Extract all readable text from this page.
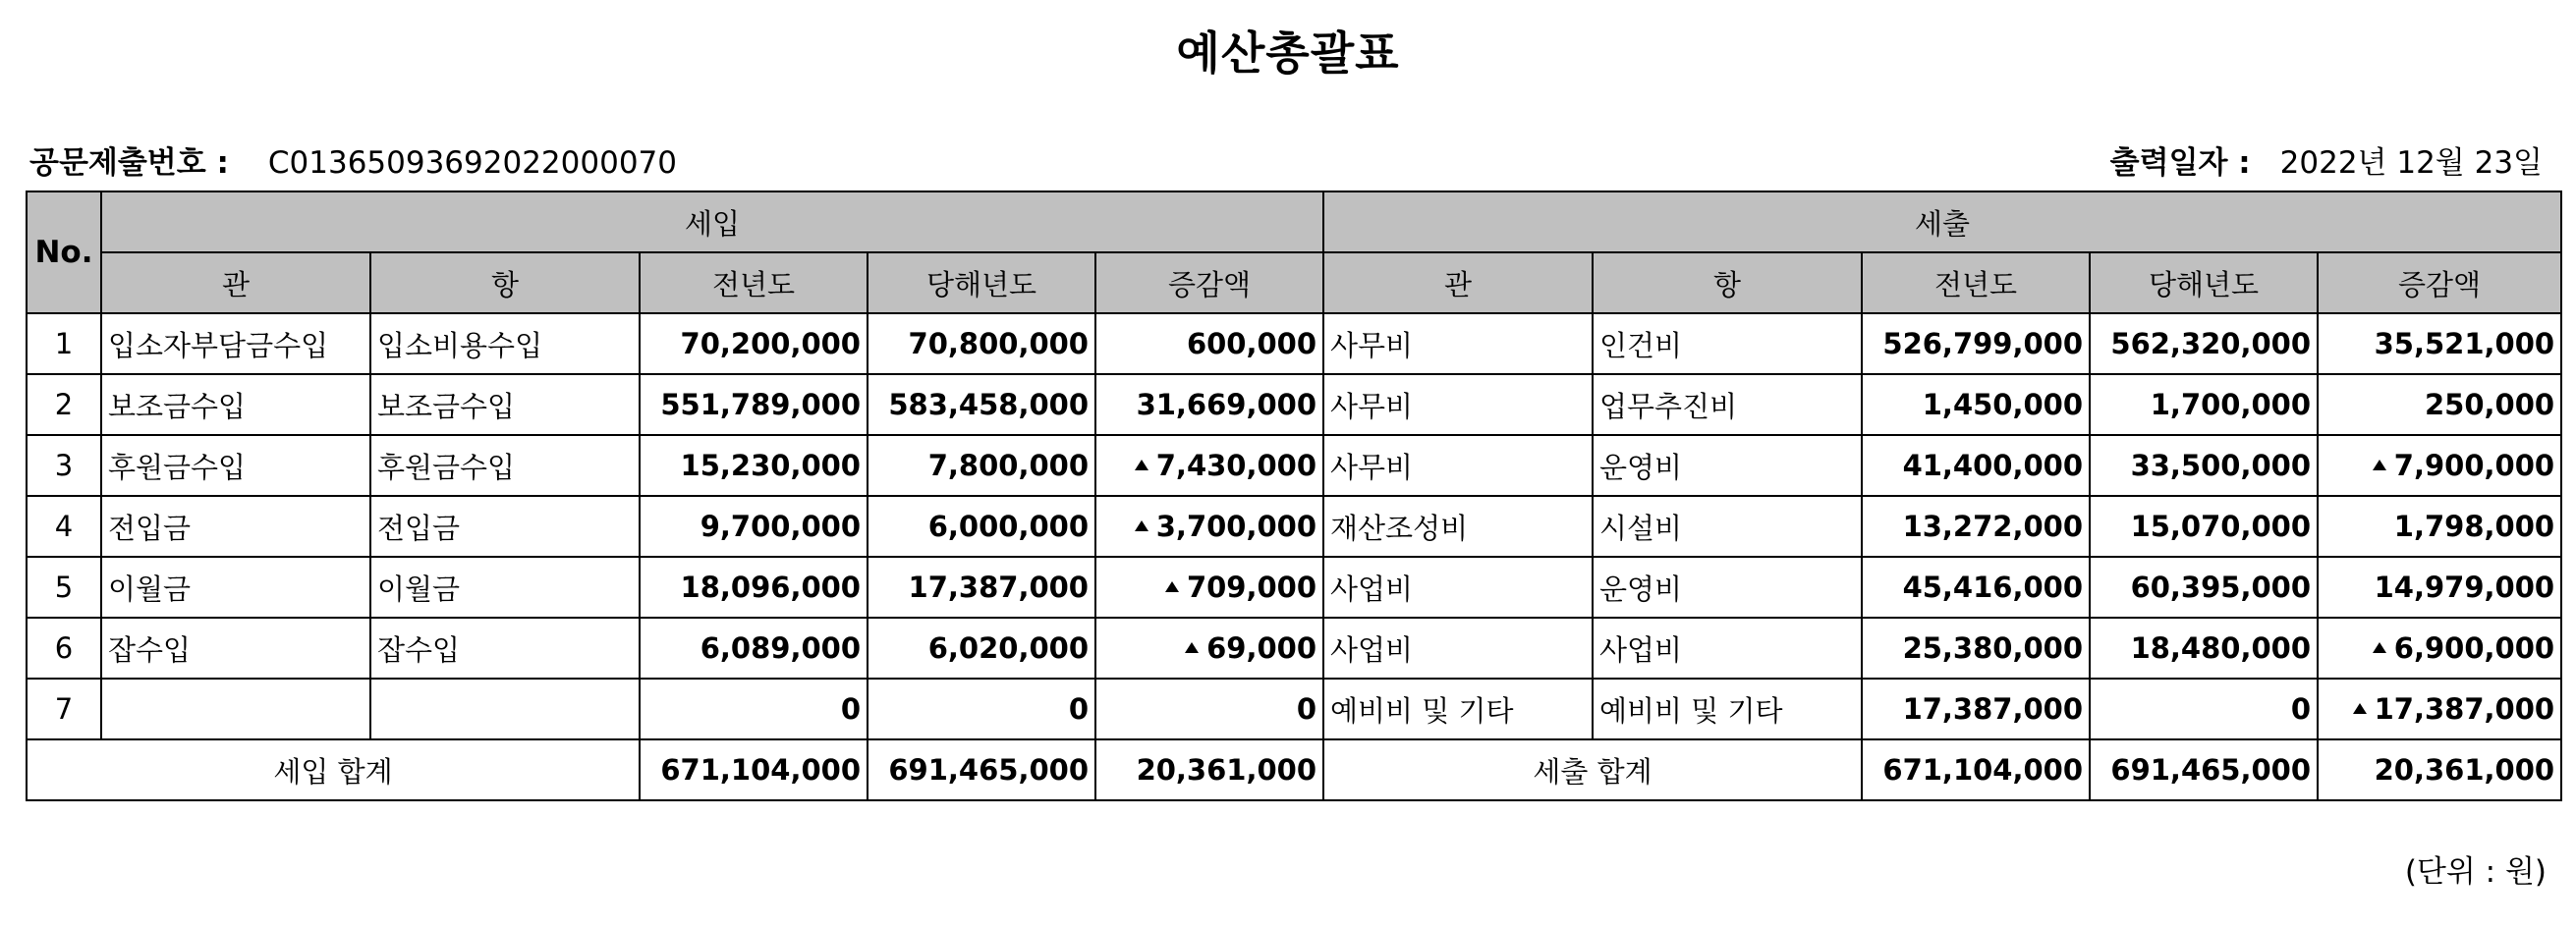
예산총괄표
공문제출번호 : C01365093692022000070	출력일자 : 2022년 12월 23일
No.	세입					세출				
	관	항	전년도	당해년도	증감액	관	항	전년도	당해년도	증감액
1	입소자부담금수입	입소비용수입	70,200,000	70,800,000	600,000	사무비	인건비	526,799,000	562,320,000	35,521,000
2	보조금수입	보조금수입	551,789,000	583,458,000	31,669,000	사무비	업무추진비	1,450,000	1,700,000	250,000
3	후원금수입	후원금수입	15,230,000	7,800,000	7,430,000	사무비	운영비	41,400,000	33,500,000	7,900,000
4	전입금	전입금	9,700,000	6,000,000	3,700,000	재산조성비	시설비	13,272,000	15,070,000	1,798,000
5	이월금	이월금	18,096,000	17,387,000	709,000	사업비	운영비	45,416,000	60,395,000	14,979,000
6	잡수입	잡수입	6,089,000	6,020,000	69,000	사업비	사업비	25,380,000	18,480,000	6,900,000
7			0	0	0	예비비 및 기타	예비비 및 기타	17,387,000	0	17,387,000
세입 합계			671,104,000	691,465,000	20,361,000	세출 합계		671,104,000	691,465,000	20,361,000
(단위 : 원)
